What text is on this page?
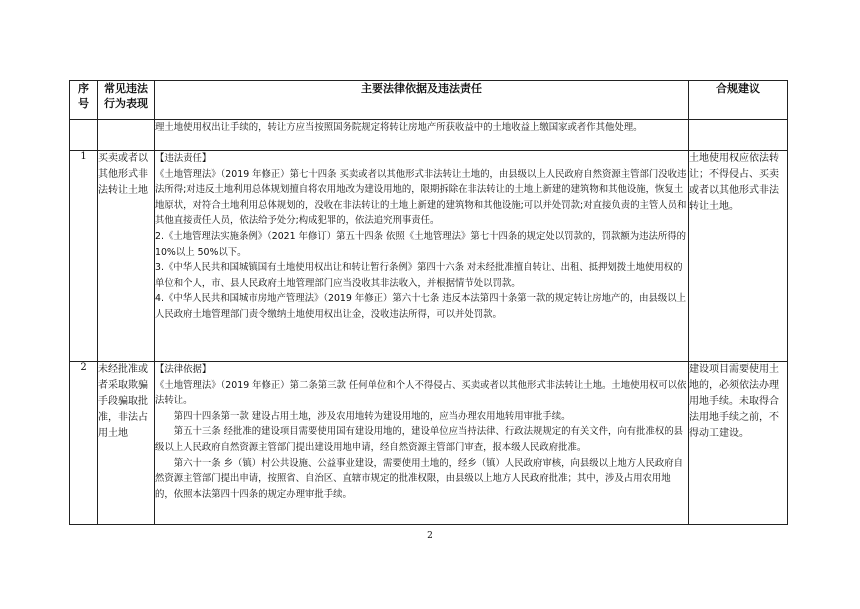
序号	常见违法行为表现	主要法律依据及违法责任	合规建议
		理土地使用权出让手续的，转让方应当按照国务院规定将转让房地产所获收益中的土地收益上缴国家或者作其他处理。	
1	买卖或者以其他形式非法转让土地	【违法责任】

《土地管理法》（2019 年修正）第七十四条 买卖或者以其他形式非法转让土地的，由县级以上人民政府自然资源主管部门没收违法所得;对违反土地利用总体规划擅自将农用地改为建设用地的，限期拆除在非法转让的土地上新建的建筑物和其他设施，恢复土地原状，对符合土地利用总体规划的，没收在非法转让的土地上新建的建筑物和其他设施;可以并处罚款;对直接负责的主管人员和其他直接责任人员，依法给予处分;构成犯罪的，依法追究刑事责任。

2.《土地管理法实施条例》（2021 年修订）第五十四条 依照《土地管理法》第七十四条的规定处以罚款的，罚款额为违法所得的 10%以上 50%以下。

3.《中华人民共和国城镇国有土地使用权出让和转让暂行条例》第四十六条 对未经批准擅自转让、出租、抵押划拨土地使用权的单位和个人，市、县人民政府土地管理部门应当没收其非法收入，并根据情节处以罚款。

4.《中华人民共和国城市房地产管理法》（2019 年修正）第六十七条 违反本法第四十条第一款的规定转让房地产的，由县级以上人民政府土地管理部门责令缴纳土地使用权出让金，没收违法所得，可以并处罚款。	土地使用权应依法转让；不得侵占、买卖或者以其他形式非法转让土地。
2	未经批准或者采取欺骗手段骗取批准，非法占用土地	【法律依据】

《土地管理法》（2019 年修正）第二条第三款 任何单位和个人不得侵占、买卖或者以其他形式非法转让土地。土地使用权可以依法转让。

第四十四条第一款 建设占用土地，涉及农用地转为建设用地的，应当办理农用地转用审批手续。

第五十三条 经批准的建设项目需要使用国有建设用地的，建设单位应当持法律、行政法规规定的有关文件，向有批准权的县级以上人民政府自然资源主管部门提出建设用地申请，经自然资源主管部门审查，报本级人民政府批准。

第六十一条 乡（镇）村公共设施、公益事业建设，需要使用土地的，经乡（镇）人民政府审核，向县级以上地方人民政府自然资源主管部门提出申请，按照省、自治区、直辖市规定的批准权限，由县级以上地方人民政府批准；其中，涉及占用农用地的，依照本法第四十四条的规定办理审批手续。	建设项目需要使用土地的，必须依法办理用地手续。未取得合法用地手续之前，不得动工建设。
2
